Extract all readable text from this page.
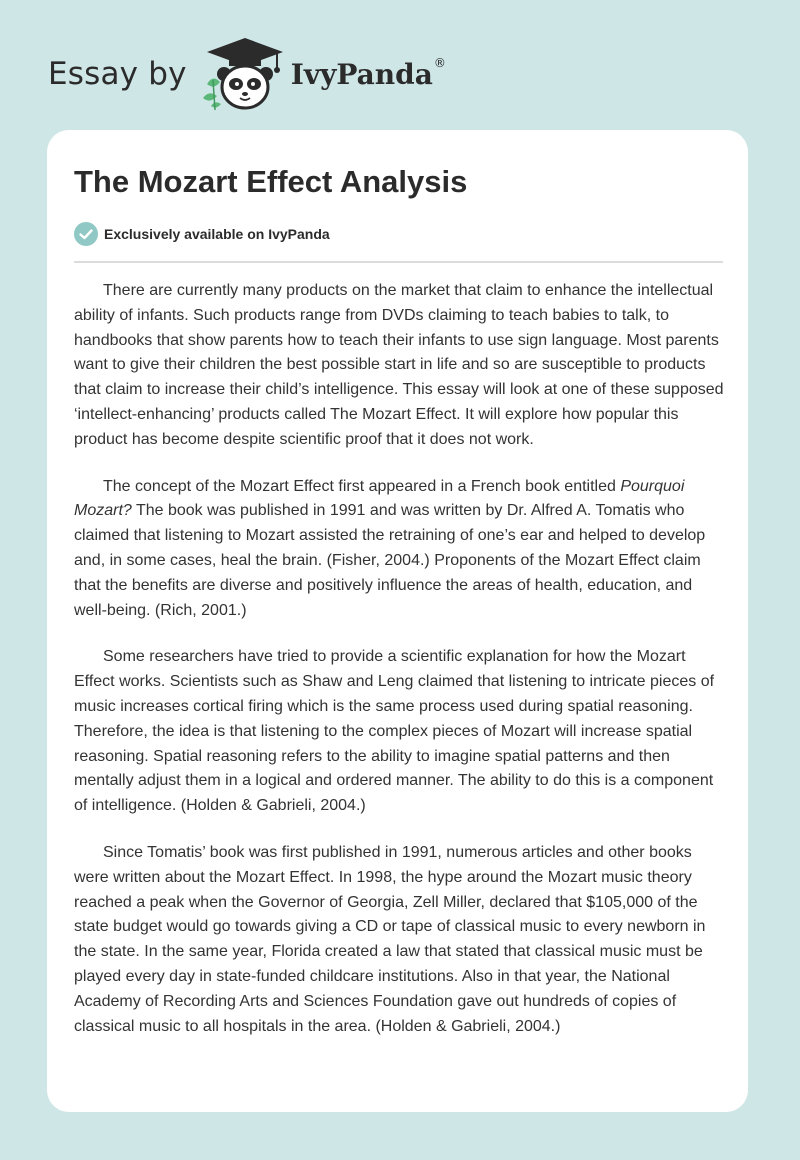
Essay by	IvyPanda ®
The Mozart Effect Analysis
Exclusively available on IvyPanda

There are currently many products on the market that claim to enhance the intellectual ability of infants. Such products range from DVDs claiming to teach babies to talk, to handbooks that show parents how to teach their infants to use sign language. Most parents want to give their children the best possible start in life and so are susceptible to products that claim to increase their child’s intelligence. This essay will look at one of these supposed ‘intellect-enhancing’ products called The Mozart Effect. It will explore how popular this product has become despite scientific proof that it does not work.

The concept of the Mozart Effect first appeared in a French book entitled Pourquoi Mozart? The book was published in 1991 and was written by Dr. Alfred A. Tomatis who claimed that listening to Mozart assisted the retraining of one’s ear and helped to develop and, in some cases, heal the brain. (Fisher, 2004.) Proponents of the Mozart Effect claim that the benefits are diverse and positively influence the areas of health, education, and well-being. (Rich, 2001.)

Some researchers have tried to provide a scientific explanation for how the Mozart Effect works. Scientists such as Shaw and Leng claimed that listening to intricate pieces of music increases cortical firing which is the same process used during spatial reasoning. Therefore, the idea is that listening to the complex pieces of Mozart will increase spatial reasoning. Spatial reasoning refers to the ability to imagine spatial patterns and then mentally adjust them in a logical and ordered manner. The ability to do this is a component of intelligence. (Holden & Gabrieli, 2004.)

Since Tomatis’ book was first published in 1991, numerous articles and other books were written about the Mozart Effect. In 1998, the hype around the Mozart music theory reached a peak when the Governor of Georgia, Zell Miller, declared that $105,000 of the state budget would go towards giving a CD or tape of classical music to every newborn in the state. In the same year, Florida created a law that stated that classical music must be played every day in state-funded childcare institutions. Also in that year, the National Academy of Recording Arts and Sciences Foundation gave out hundreds of copies of classical music to all hospitals in the area. (Holden & Gabrieli, 2004.)
